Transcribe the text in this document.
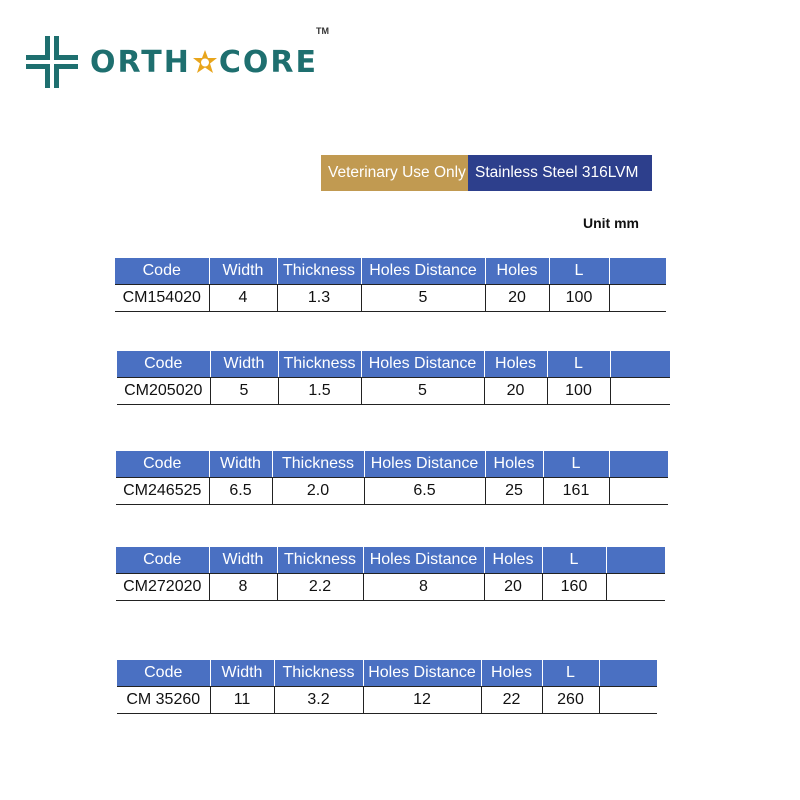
ORTH CORE
TM
Veterinary Use Only Stainless Steel 316LVM
Unit mm
Code	Width	Thickness	Holes Distance	Holes	L	
CM154020	4	1.3	5	20	100	
Code	Width	Thickness	Holes Distance	Holes	L	
CM205020	5	1.5	5	20	100	
Code	Width	Thickness	Holes Distance	Holes	L	
CM246525	6.5	2.0	6.5	25	161	
Code	Width	Thickness	Holes Distance	Holes	L	
CM272020	8	2.2	8	20	160	
Code	Width	Thickness	Holes Distance	Holes	L	
CM 35260	11	3.2	12	22	260	
